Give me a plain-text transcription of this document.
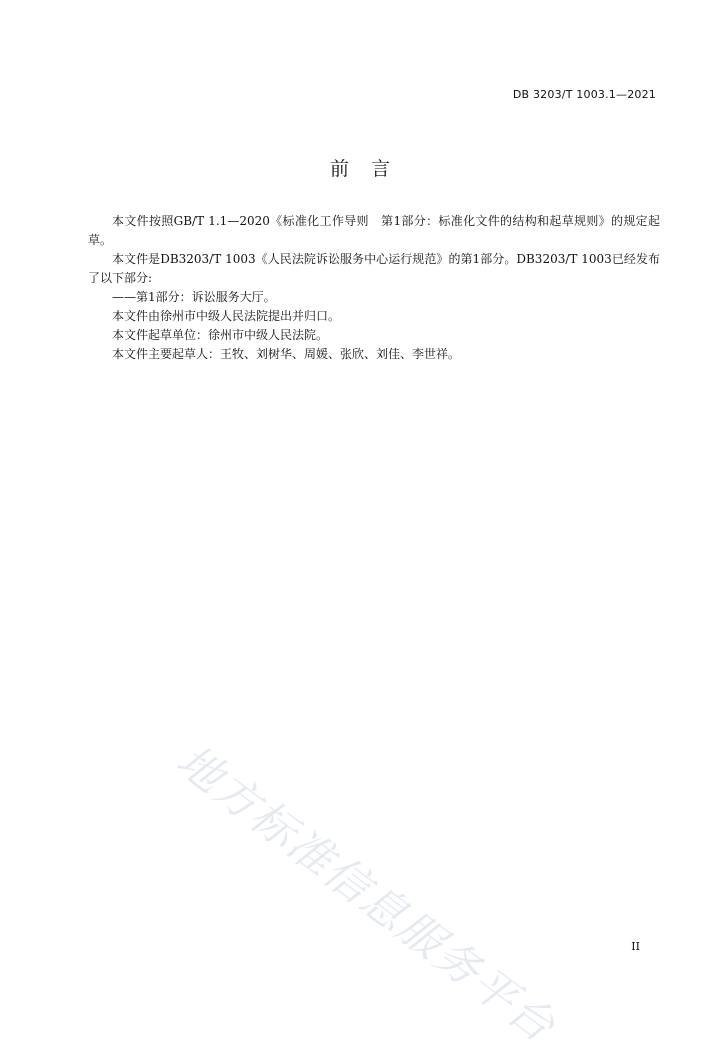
DB 3203/T 1003.1—2021
前言

本文件按照GB/T 1.1—2020《标准化工作导则　第1部分：标准化文件的结构和起草规则》的规定起草。

本文件是DB3203/T 1003《人民法院诉讼服务中心运行规范》的第1部分。DB3203/T 1003已经发布了以下部分:

——第1部分：诉讼服务大厅。

本文件由徐州市中级人民法院提出并归口。

本文件起草单位：徐州市中级人民法院。

本文件主要起草人：王牧、刘树华、周媛、张欣、刘佳、李世祥。

地方标准信息服务平台	II
